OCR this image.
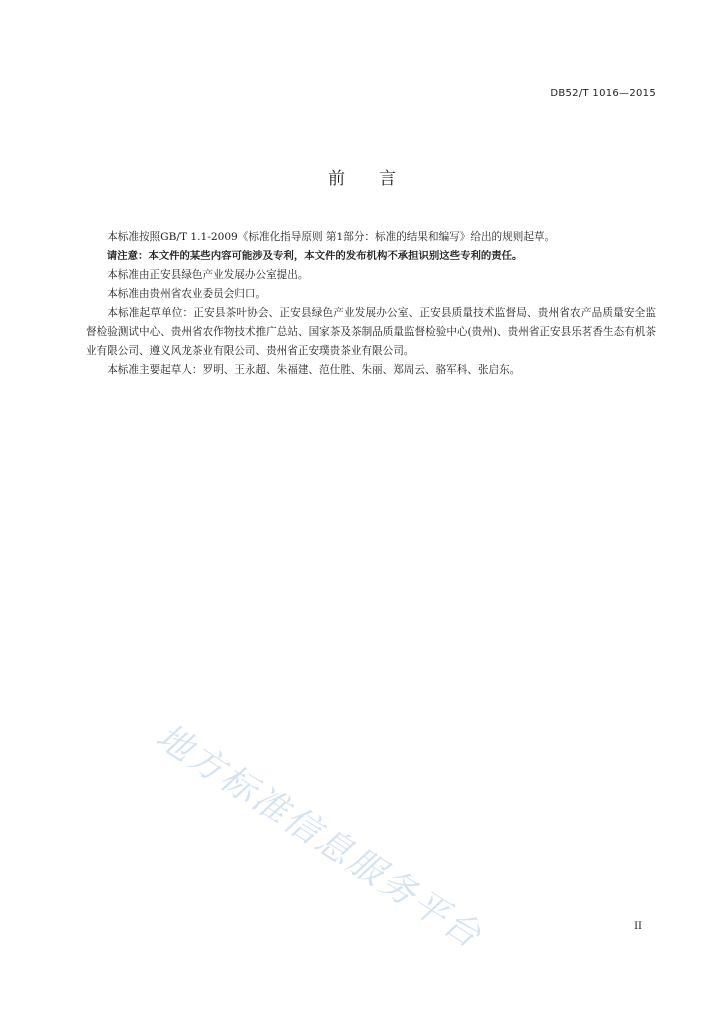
DB52/T 1016—2015
前言

本标准按照GB/T 1.1-2009《标准化指导原则 第1部分：标准的结果和编写》给出的规则起草。

请注意：本文件的某些内容可能涉及专利，本文件的发布机构不承担识别这些专利的责任。

本标准由正安县绿色产业发展办公室提出。

本标准由贵州省农业委员会归口。

本标准起草单位：正安县茶叶协会、正安县绿色产业发展办公室、正安县质量技术监督局、贵州省农产品质量安全监督检验测试中心、贵州省农作物技术推广总站、国家茶及茶制品质量监督检验中心(贵州)、贵州省正安县乐茗香生态有机茶业有限公司、遵义风龙茶业有限公司、贵州省正安璞贵茶业有限公司。

本标准主要起草人：罗明、王永超、朱福建、范仕胜、朱丽、郑周云、骆军科、张启东。

地方标准信息服务平台	II
